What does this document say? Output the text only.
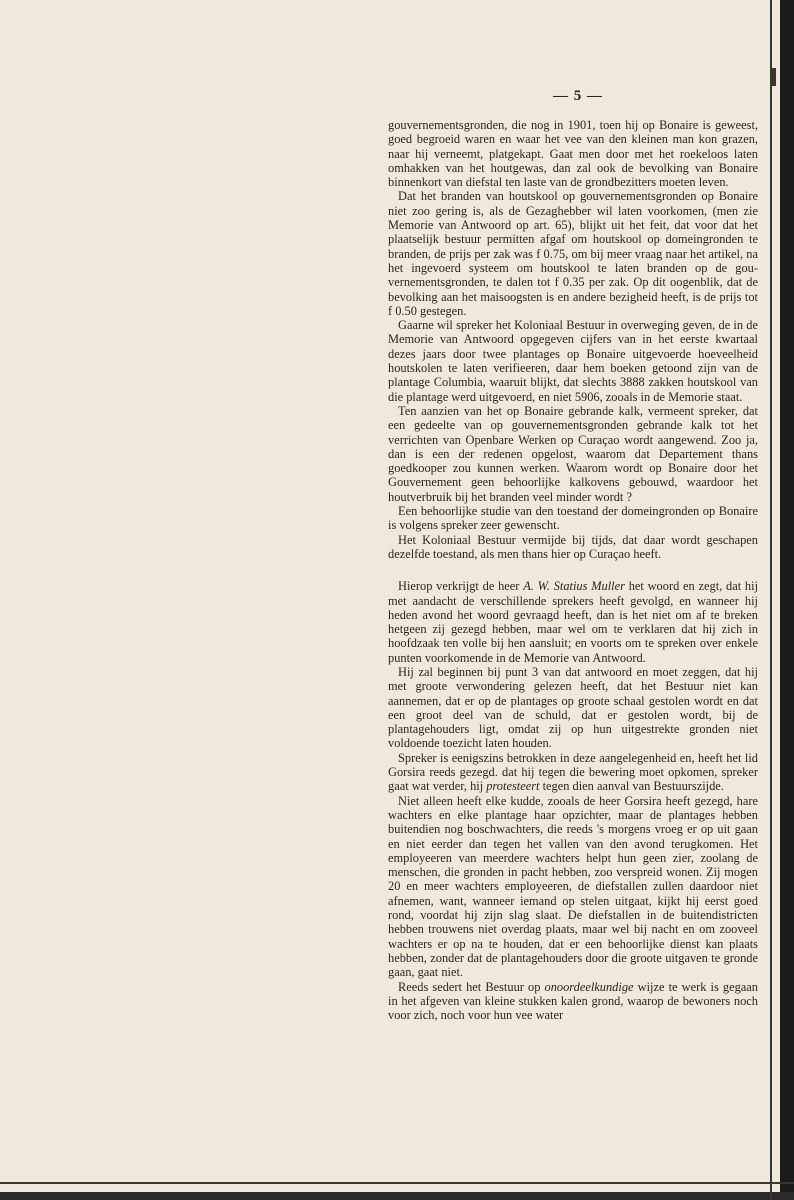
— 5 —

gouvernementsgronden, die nog in 1901, toen hij op Bonaire is geweest, goed begroeid waren en waar het vee van den kleinen man kon grazen, naar hij verneemt, platgekapt. Gaat men door met het roekeloos laten omhakken van het houtgewas, dan zal ook de bevolking van Bonaire binnenkort van diefstal ten laste van de grondbezitters moeten leven.

Dat het branden van houtskool op gouvernementsgronden op Bonaire niet zoo gering is, als de Gezaghebber wil laten voorkomen, (men zie Memorie van Antwoord op art. 65), blijkt uit het feit, dat voor dat het plaatselijk bestuur permitten afgaf om houtskool op domeingronden te branden, de prijs per zak was f 0.75, om bij meer vraag naar het artikel, na het ingevoerd systeem om houtskool te laten branden op de gouvernementsgronden, te dalen tot f 0.35 per zak. Op dit oogenblik, dat de bevolking aan het maisoogsten is en andere bezigheid heeft, is de prijs tot f 0.50 gestegen.

Gaarne wil spreker het Koloniaal Bestuur in overweging geven, de in de Memorie van Antwoord opgegeven cijfers van in het eerste kwartaal dezes jaars door twee plantages op Bonaire uitgevoerde hoeveelheid houtskolen te laten verifieeren, daar hem boeken getoond zijn van de plantage Columbia, waaruit blijkt, dat slechts 3888 zakken houtskool van die plantage werd uitgevoerd, en niet 5906, zooals in de Memorie staat.

Ten aanzien van het op Bonaire gebrande kalk, vermeent spreker, dat een gedeelte van op gouvernementsgronden gebrande kalk tot het verrichten van Openbare Werken op Curaçao wordt aangewend. Zoo ja, dan is een der redenen opgelost, waarom dat Departement thans goedkooper zou kunnen werken. Waarom wordt op Bonaire door het Gouvernement geen behoorlijke kalkovens gebouwd, waardoor het houtverbruik bij het branden veel minder wordt ?

Een behoorlijke studie van den toestand der domeingronden op Bonaire is volgens spreker zeer gewenscht.

Het Koloniaal Bestuur vermijde bij tijds, dat daar wordt geschapen dezelfde toestand, als men thans hier op Curaçao heeft.

Hierop verkrijgt de heer A. W. Statius Muller het woord en zegt, dat hij met aandacht de verschillende sprekers heeft gevolgd, en wanneer hij heden avond het woord gevraagd heeft, dan is het niet om af te breken hetgeen zij gezegd hebben, maar wel om te verklaren dat hij zich in hoofdzaak ten volle bij hen aansluit; en voorts om te spreken over enkele punten voorkomende in de Memorie van Antwoord.

Hij zal beginnen bij punt 3 van dat antwoord en moet zeggen, dat hij met groote verwondering gelezen heeft, dat het Bestuur niet kan aannemen, dat er op de plantages op groote schaal gestolen wordt en dat een groot deel van de schuld, dat er gestolen wordt, bij de plantagehouders ligt, omdat zij op hun uitgestrekte gronden niet voldoende toezicht laten houden.

Spreker is eenigszins betrokken in deze aangelegenheid en, heeft het lid Gorsira reeds gezegd. dat hij tegen die bewering moet opkomen, spreker gaat wat verder, hij protesteert tegen dien aanval van Bestuurszijde.

Niet alleen heeft elke kudde, zooals de heer Gorsira heeft gezegd, hare wachters en elke plantage haar opzichter, maar de plantages hebben buitendien nog boschwachters, die reeds 's morgens vroeg er op uit gaan en niet eerder dan tegen het vallen van den avond terugkomen. Het employeeren van meerdere wachters helpt hun geen zier, zoolang de menschen, die gronden in pacht hebben, zoo verspreid wonen. Zij mogen 20 en meer wachters employeeren, de diefstallen zullen daardoor niet afnemen, want, wanneer iemand op stelen uitgaat, kijkt hij eerst goed rond, voordat hij zijn slag slaat. De diefstallen in de buitendistricten hebben trouwens niet overdag plaats, maar wel bij nacht en om zooveel wachters er op na te houden, dat er een behoorlijke dienst kan plaats hebben, zonder dat de plantagehouders door die groote uitgaven te gronde gaan, gaat niet.

Reeds sedert het Bestuur op onoordeelkundige wijze te werk is gegaan in het afgeven van kleine stukken kalen grond, waarop de bewoners noch voor zich, noch voor hun vee water
